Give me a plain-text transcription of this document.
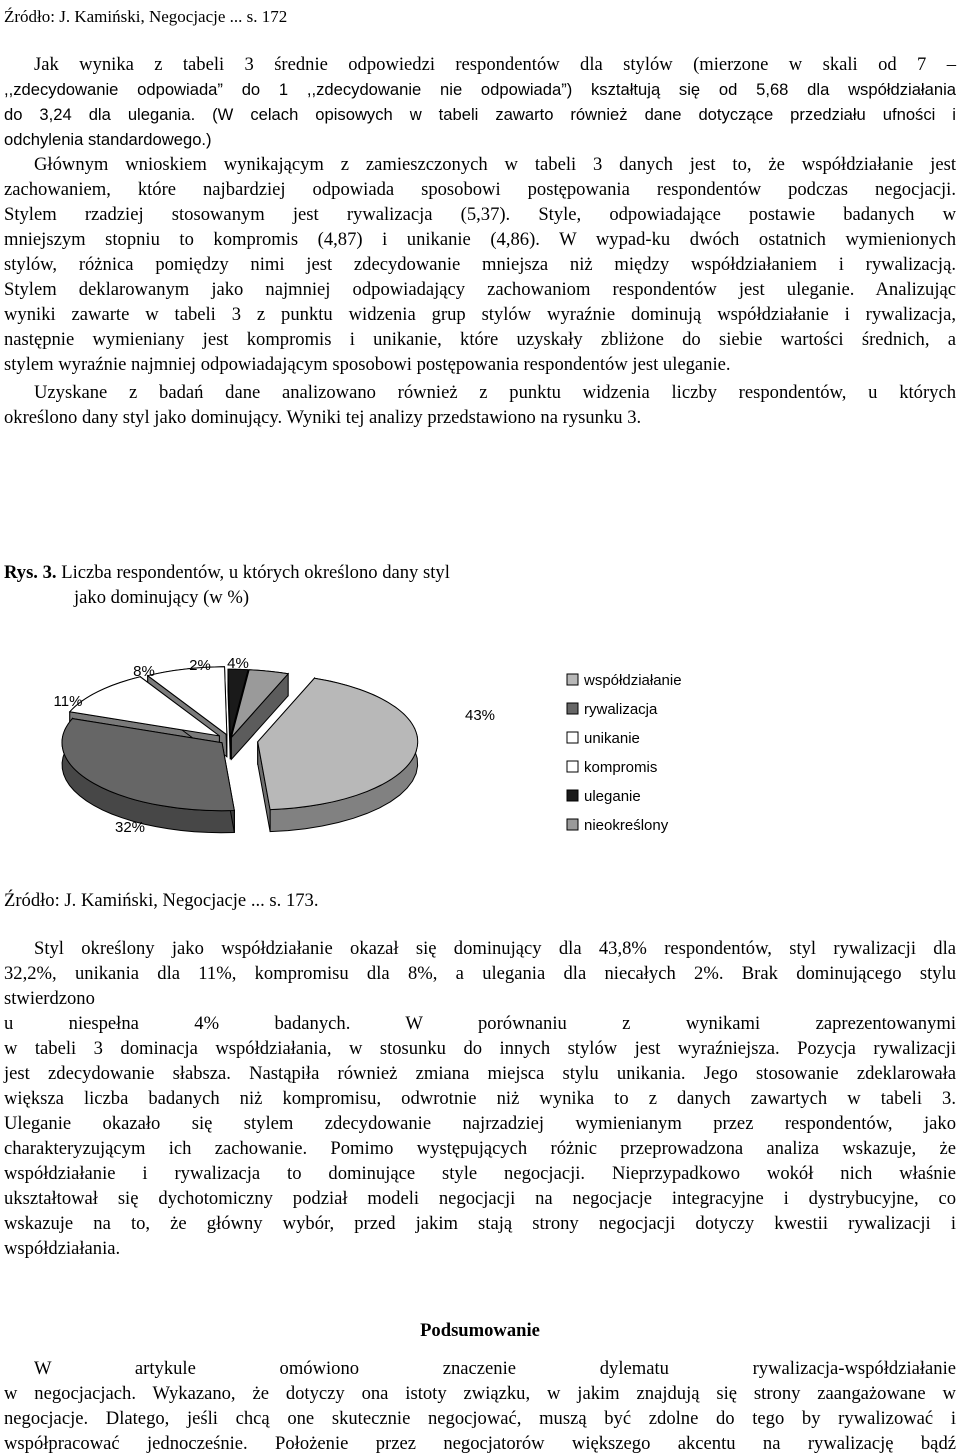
Źródło: J. Kamiński, Negocjacje ... s. 172
Jak wynika z tabeli 3 średnie odpowiedzi respondentów dla stylów (mierzone w skali od 7 –
,,zdecydowanie odpowiada” do 1 ,,zdecydowanie nie odpowiada”) kształtują się od 5,68 dla współdziałania
do 3,24 dla ulegania. (W celach opisowych w tabeli zawarto również dane dotyczące przedziału ufności i
odchylenia standardowego.)
Głównym wnioskiem wynikającym z zamieszczonych w tabeli 3 danych jest to, że współdziałanie jest
zachowaniem, które najbardziej odpowiada sposobowi postępowania respondentów podczas negocjacji.
Stylem rzadziej stosowanym jest rywalizacja (5,37). Style, odpowiadające postawie badanych w
mniejszym stopniu to kompromis (4,87) i unikanie (4,86). W wypad-ku dwóch ostatnich wymienionych
stylów, różnica pomiędzy nimi jest zdecydowanie mniejsza niż między współdziałaniem i rywalizacją.
Stylem deklarowanym jako najmniej odpowiadający zachowaniom respondentów jest uleganie. Analizując
wyniki zawarte w tabeli 3 z punktu widzenia grup stylów wyraźnie dominują współdziałanie i rywalizacja,
następnie wymieniany jest kompromis i unikanie, które uzyskały zbliżone do siebie wartości średnich, a
stylem wyraźnie najmniej odpowiadającym sposobowi postępowania respondentów jest uleganie.
Uzyskane z badań dane analizowano również z punktu widzenia liczby respondentów, u których
określono dany styl jako dominujący. Wyniki tej analizy przedstawiono na rysunku 3.
Rys. 3. Liczba respondentów, u których określono dany styl
jako dominujący (w %)
43%
32%
11%
8% 2% 4%
współdziałanie
rywalizacja
unikanie
kompromis
uleganie
nieokreślony
Źródło: J. Kamiński, Negocjacje ... s. 173.
Styl określony jako współdziałanie okazał się dominujący dla 43,8% respondentów, styl rywalizacji dla
32,2%, unikania dla 11%, kompromisu dla 8%, a ulegania dla niecałych 2%. Brak dominującego stylu
stwierdzono
u niespełna 4% badanych. W porównaniu z wynikami zaprezentowanymi
w tabeli 3 dominacja współdziałania, w stosunku do innych stylów jest wyraźniejsza. Pozycja rywalizacji
jest zdecydowanie słabsza. Nastąpiła również zmiana miejsca stylu unikania. Jego stosowanie zdeklarowała
większa liczba badanych niż kompromisu, odwrotnie niż wynika to z danych zawartych w tabeli 3.
Uleganie okazało się stylem zdecydowanie najrzadziej wymienianym przez respondentów, jako
charakteryzującym ich zachowanie. Pomimo występujących różnic przeprowadzona analiza wskazuje, że
współdziałanie i rywalizacja to dominujące style negocjacji. Nieprzypadkowo wokół nich właśnie
ukształtował się dychotomiczny podział modeli negocjacji na negocjacje integracyjne i dystrybucyjne, co
wskazuje na to, że główny wybór, przed jakim stają strony negocjacji dotyczy kwestii rywalizacji i
współdziałania.
Podsumowanie
W artykule omówiono znaczenie dylematu rywalizacja-współdziałanie
w negocjacjach. Wykazano, że dotyczy ona istoty związku, w jakim znajdują się strony zaangażowane w
negocjacje. Dlatego, jeśli chcą one skutecznie negocjować, muszą być zdolne do tego by rywalizować i
współpracować jednocześnie. Położenie przez negocjatorów większego akcentu na rywalizację bądź
